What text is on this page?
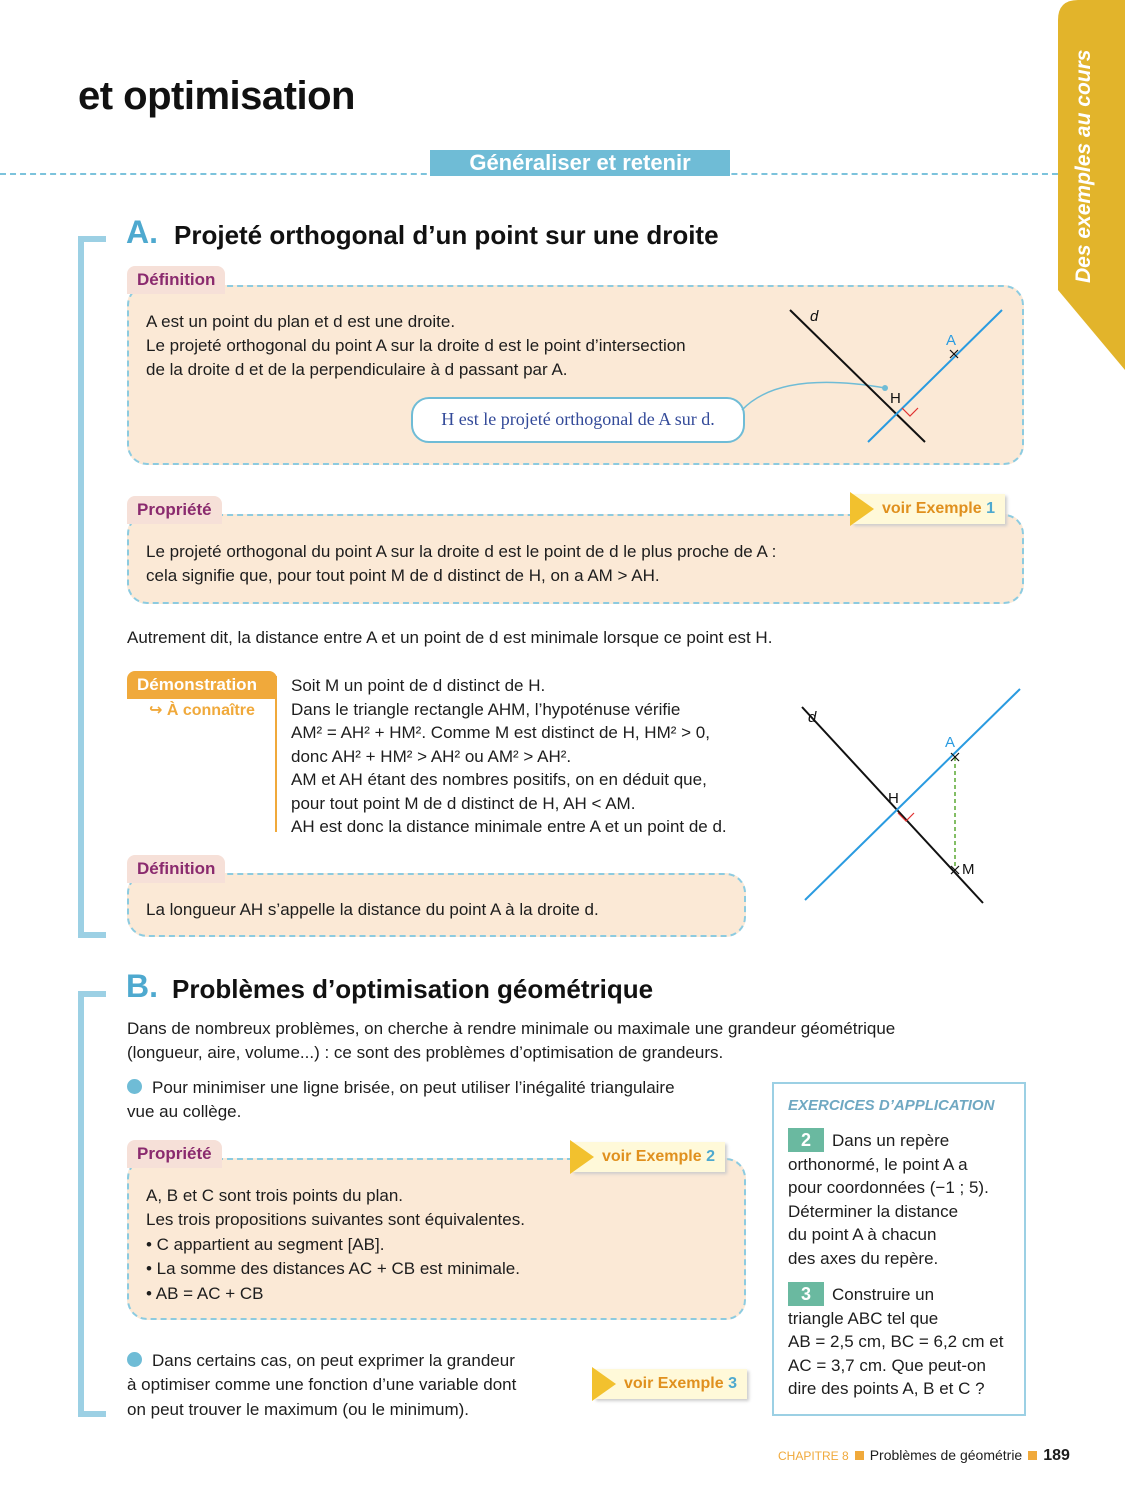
et optimisation
Généraliser et retenir	Des exemples au cours
A. Projeté orthogonal d’un point sur une droite
Définition
A est un point du plan et d est une droite.
Le projeté orthogonal du point A sur la droite d est le point d’intersection
de la droite d et de la perpendiculaire à d passant par A.
H est le projeté orthogonal de A sur d.
d
A
H
Propriété	voir Exemple 1
Le projeté orthogonal du point A sur la droite d est le point de d le plus proche de A :
cela signifie que, pour tout point M de d distinct de H, on a AM > AH.
Autrement dit, la distance entre A et un point de d est minimale lorsque ce point est H.
Démonstration
↪ À connaître
Soit M un point de d distinct de H.
Dans le triangle rectangle AHM, l’hypoténuse vérifie
AM² = AH² + HM². Comme M est distinct de H, HM² > 0,
donc AH² + HM² > AH² ou AM² > AH².
AM et AH étant des nombres positifs, on en déduit que,
pour tout point M de d distinct de H, AH < AM.
AH est donc la distance minimale entre A et un point de d.
d
A
H
M
Définition
La longueur AH s’appelle la distance du point A à la droite d.
B. Problèmes d’optimisation géométrique
Dans de nombreux problèmes, on cherche à rendre minimale ou maximale une grandeur géométrique
(longueur, aire, volume...) : ce sont des problèmes d’optimisation de grandeurs.
Pour minimiser une ligne brisée, on peut utiliser l’inégalité triangulaire
vue au collège.
Propriété	voir Exemple 2
A, B et C sont trois points du plan.
Les trois propositions suivantes sont équivalentes.
• C appartient au segment [AB].
• La somme des distances AC + CB est minimale.
• AB = AC + CB
Dans certains cas, on peut exprimer la grandeur
à optimiser comme une fonction d’une variable dont
on peut trouver le maximum (ou le minimum).
voir Exemple 3
EXERCICES D’APPLICATION
2 Dans un repère
orthonormé, le point A a
pour coordonnées (−1 ; 5).
Déterminer la distance
du point A à chacun
des axes du repère.
3 Construire un
triangle ABC tel que
AB = 2,5 cm, BC = 6,2 cm et
AC = 3,7 cm. Que peut-on
dire des points A, B et C ?
CHAPITRE 8 Problèmes de géométrie 189
